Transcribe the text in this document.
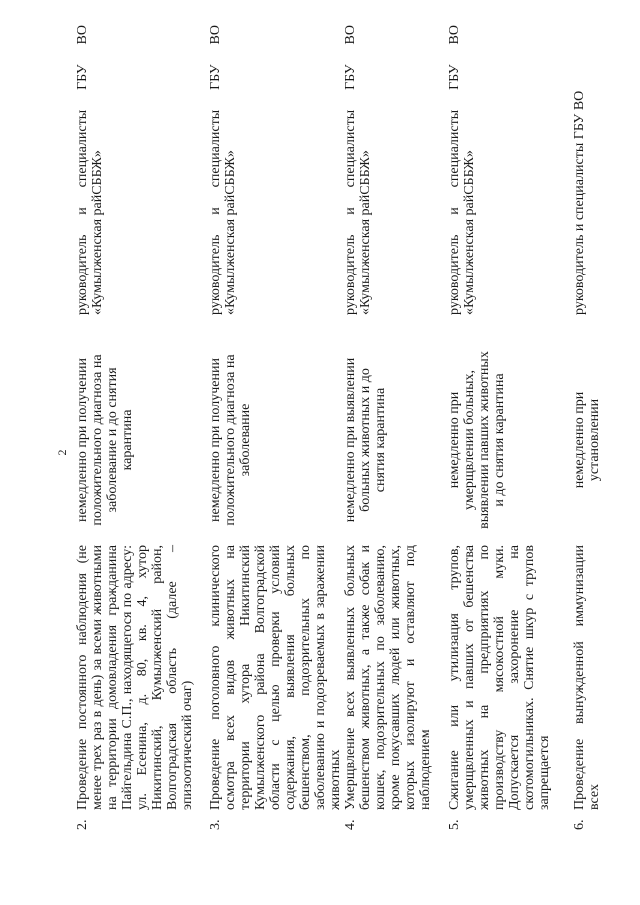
2
2.
Проведение постоянного наблюдения (не менее трех раз в день) за всеми животными на территории домовладения гражданина Пайгельдина С.П., находящегося по адресу: ул. Есенина, д. 80, кв. 4, хутор Никитинский, Кумылженский район, Волгоградская область (далее – эпизоотический очаг)
немедленно при получении положительного диагноза на заболевание и до снятия карантина
руководитель и специалисты ГБУ ВО «Кумылженская райСББЖ»
3.
Проведение поголовного клинического осмотра всех видов животных на территории хутора Никитинский Кумылженского района Волгоградской области с целью проверки условий содержания, выявления больных бешенством, подозрительных по заболеванию и подозреваемых в заражении животных
немедленно при получении положительного диагноза на заболевание
руководитель и специалисты ГБУ ВО «Кумылженская райСББЖ»
4.
Умерщвление всех выявленных больных бешенством животных, а также собак и кошек, подозрительных по заболеванию, кроме покусавших людей или животных, которых изолируют и оставляют под наблюдением
немедленно при выявлении больных животных и до снятия карантина
руководитель и специалисты ГБУ ВО «Кумылженская райСББЖ»
5.
Сжигание или утилизация трупов, умерщвленных и павших от бешенства животных на предприятиях по производству мясокостной муки. Допускается захоронение на скотомогильниках. Снятие шкур с трупов запрещается
немедленно при умерщвлении больных, выявлении павших животных и до снятия карантина
руководитель и специалисты ГБУ ВО «Кумылженская райСББЖ»
6.
Проведение вынужденной иммунизации всех
немедленно при установлении
руководитель и специалисты ГБУ ВО
